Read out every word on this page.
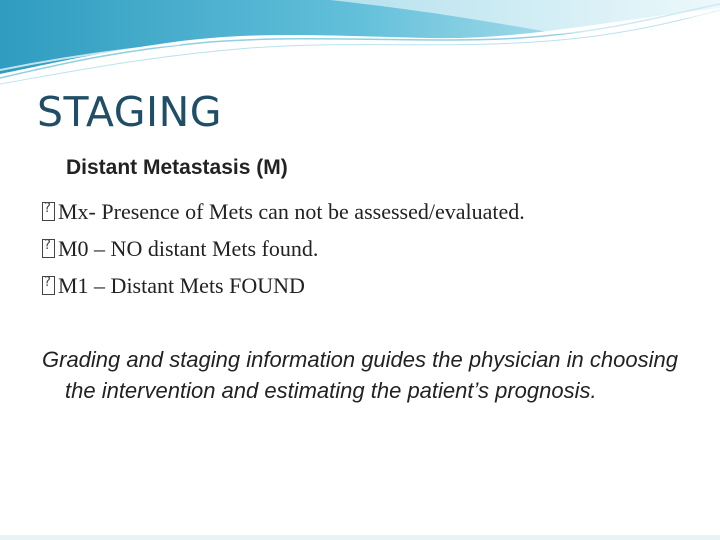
STAGING
Distant Metastasis (M)
?
Mx- Presence of Mets can not be assessed/evaluated.
?
M0 – NO distant Mets found.
?
M1 – Distant Mets FOUND

Grading and staging information guides the physician in choosing the intervention and estimating the patient’s prognosis.
